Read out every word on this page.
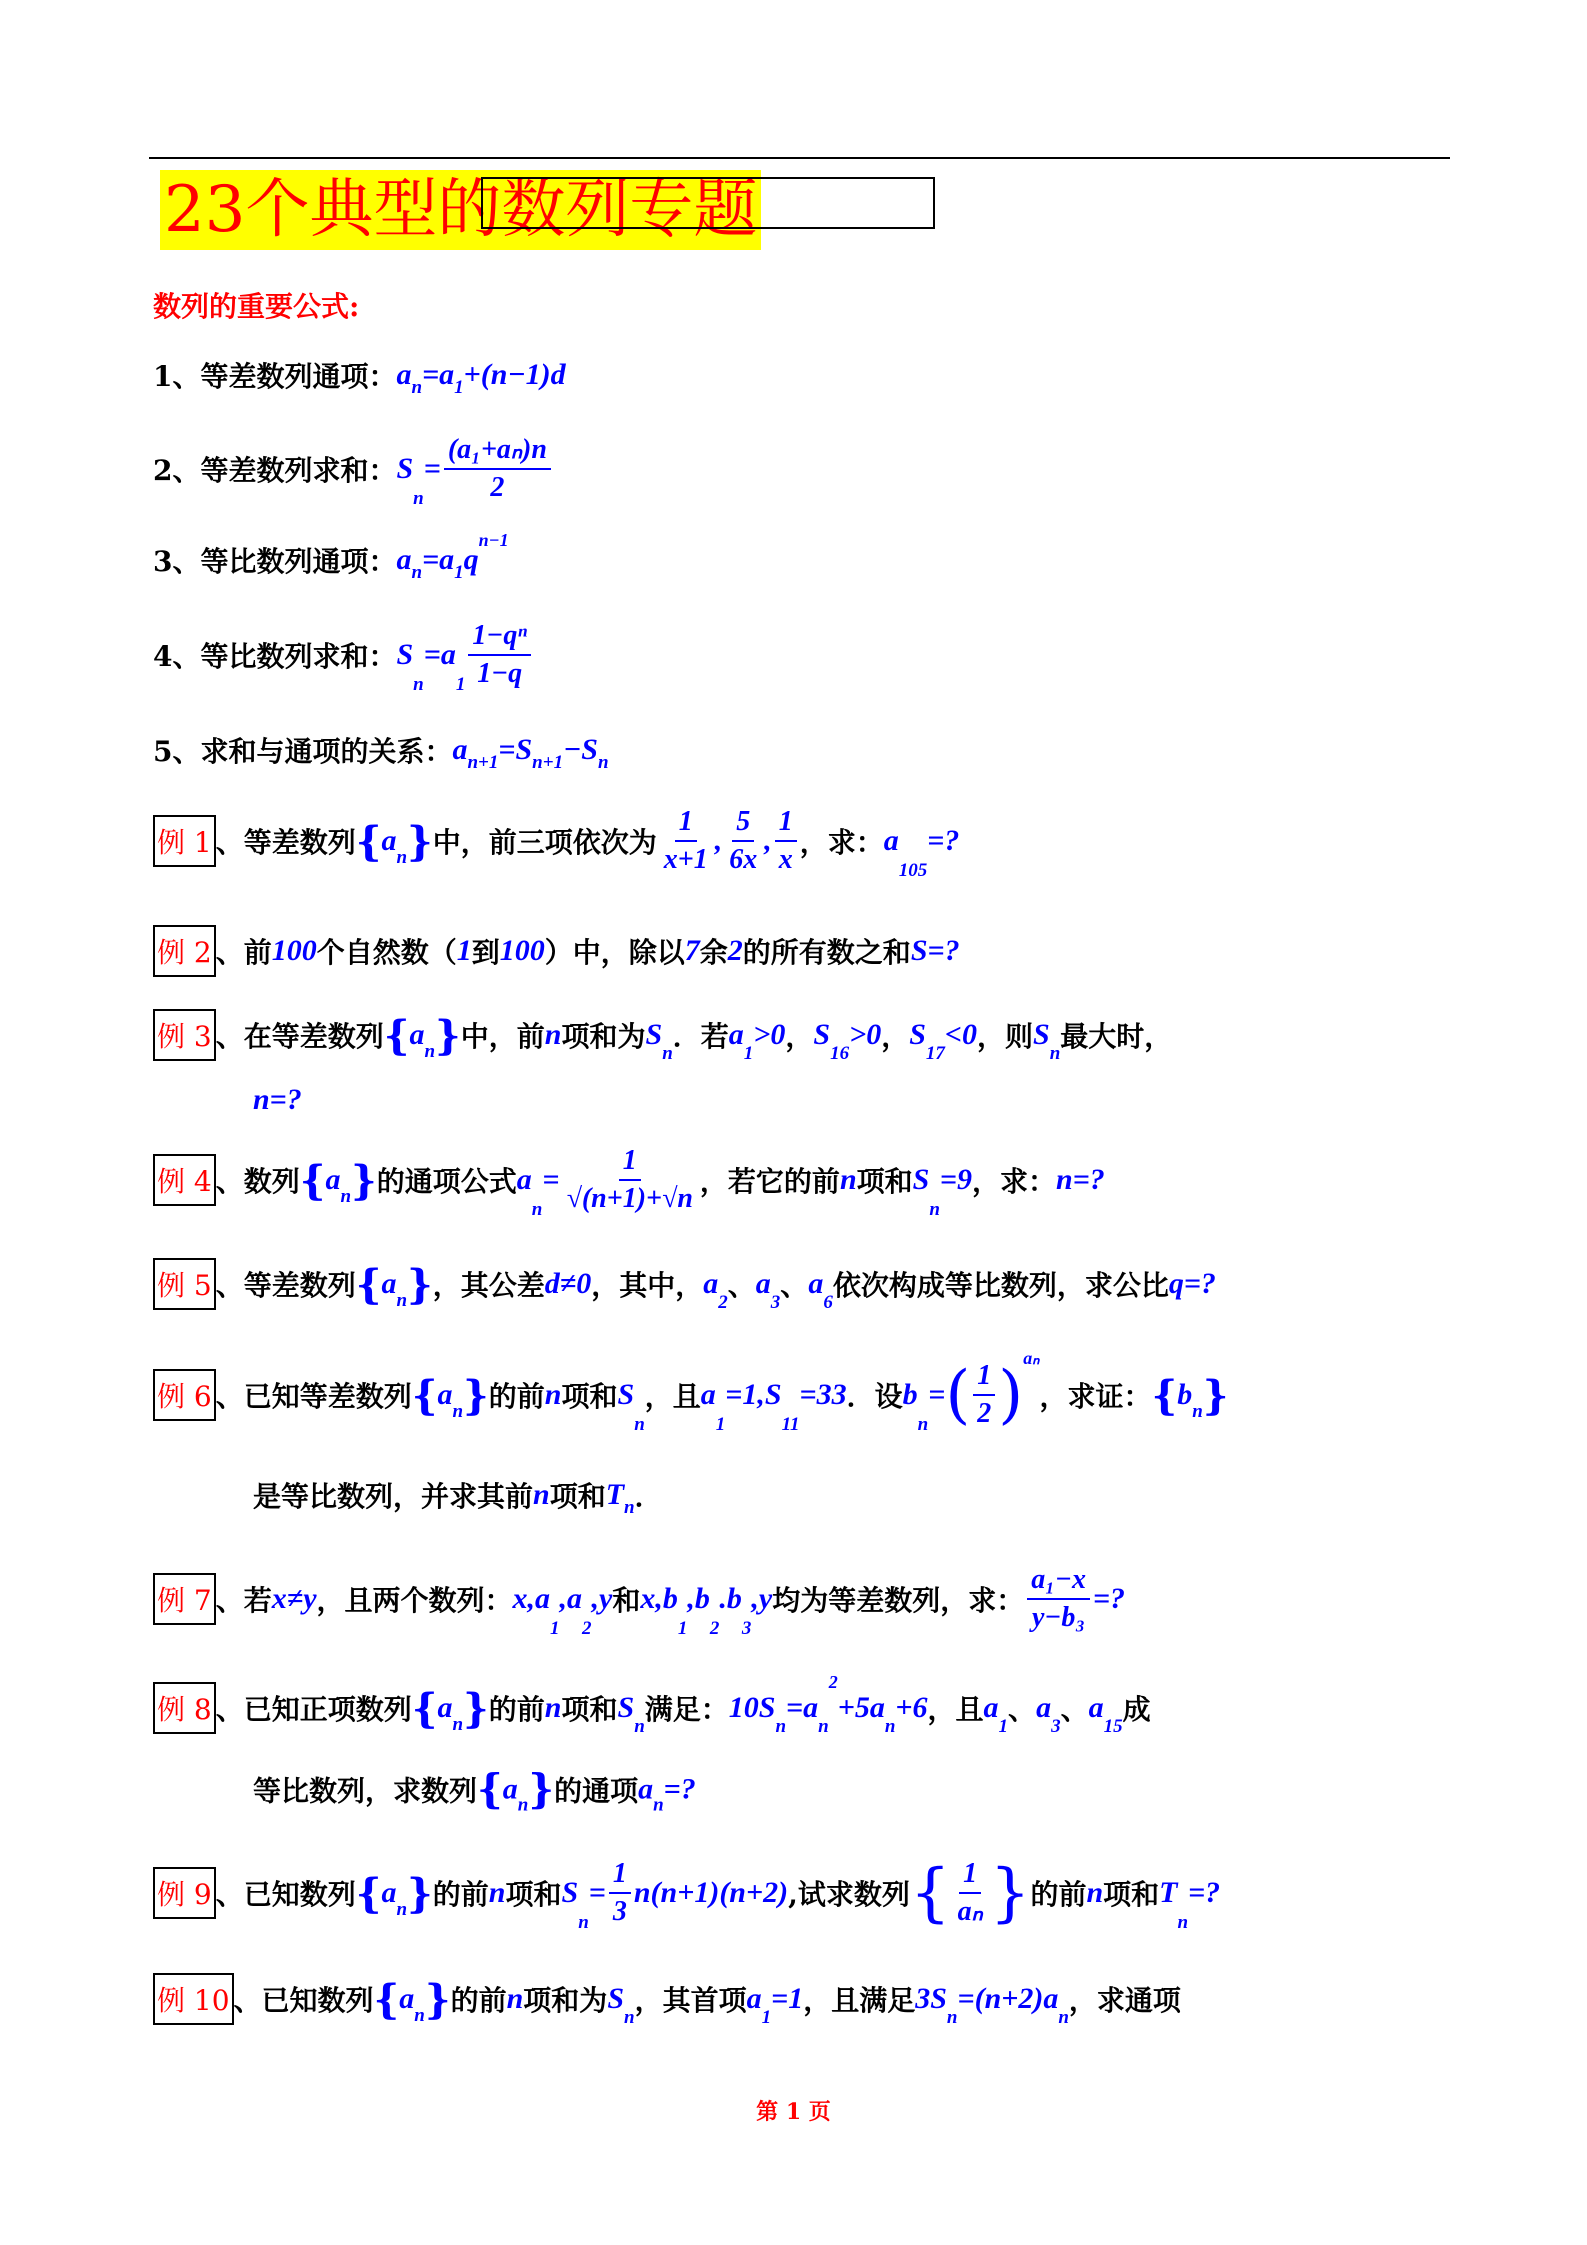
23个典型的数列专题
数列的重要公式:
1、等差数列通项： a n =a 1 +(n−1)d
2、等差数列求和： S
n
= $\frac{\text{(a₁+aₙ)n}}{2}$
3、等比数列通项： a n =a 1 q
n−1
4、等比数列求和： S
n
=a
$1 \frac{\text{1−qⁿ}}{1-q}$
5、求和与通项的关系： a n+1 =S n+1 −S n
例 1 、等差数列 { a n } 中，前三项依次为 $\frac{1}{x+1}$ , $\frac{5}{6x}$ , $\frac{1}{x}$ ，求： a
105
=?
例 2 、前 100 个自然数（ 1 到 100 ）中，除以 7 余 2 的所有数之和 S=?
例 3 、在等差数列 { a n } 中，前 n 项和为 S
n
．若 a
1
>0 ， S
16
>0 ， S
17
<0 ，则 S
n
最大时，
n=?
例 4 、数列 { a n } 的通项公式 a
n
= $\frac{1}{√(n+1)+√n}$ ，若它的前 n 项和 S
n
=9 ，求： n=?
例 5 、等差数列 { a n } ，其公差 d≠0 ，其中， a
2
、 a
3
、 a
6
依次构成等比数列，求公比 q=?
例 6 、已知等差数列 { a n } 的前 n 项和 S
n
，且 a
1
=1,S
11
=33 ．设 b
n
= ( $\frac{1}{2}$ ) aₙ
，求证： { b n }
是等比数列，并求其前 n 项和 T n ．
例 7 、若 x≠y ，且两个数列： x,a
1
,a
2
,y 和 x,b
1
,b
2
.b
3
,y 均为等差数列，求： $\frac{\text{a₁−x}}{\text{y−b₃}}$ =?
例 8 、已知正项数列 { a n } 的前 n 项和 S
n
满足： 10S
n
=a
n
2
+5a
n
+6 ，且 a
1
、 a
3
、 a
15
成
等比数列，求数列 { a n } 的通项 a n =?
例 9 、已知数列 { a n } 的前 n 项和 S
n
= $\frac{1}{3} n(n+1)(n+2)$ ,试求数列 { $\frac{1}{\text{aₙ}}$ } 的前 n 项和 T
n
=?
例 10 、已知数列 { a n } 的前 n 项和为 S
n
，其首项 a
1
=1 ，且满足 3S
n
=(n+2)a
n
，求通项
第 1 页
